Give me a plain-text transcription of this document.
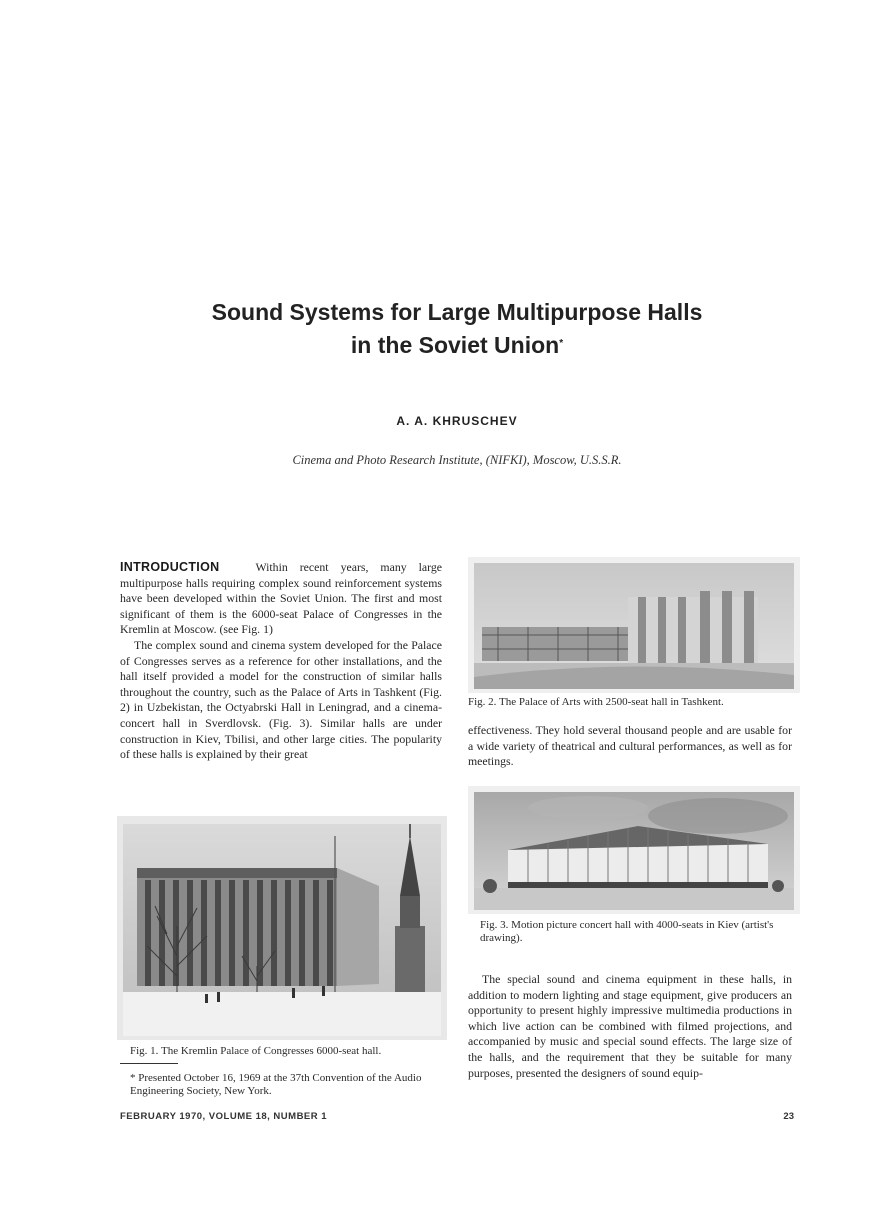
Sound Systems for Large Multipurpose Halls
in the Soviet Union*
A. A. KHRUSCHEV
Cinema and Photo Research Institute, (NIFKI), Moscow, U.S.S.R.

INTRODUCTION	Within recent years, many large multipurpose halls requiring complex sound reinforcement systems have been developed within the Soviet Union. The first and most significant of them is the 6000-seat Palace of Congresses in the Kremlin at Moscow. (see Fig. 1)

The complex sound and cinema system developed for the Palace of Congresses serves as a reference for other installations, and the hall itself provided a model for the construction of similar halls throughout the country, such as the Palace of Arts in Tashkent (Fig. 2) in Uzbekistan, the Octyabrski Hall in Leningrad, and a cinema-concert hall in Sverdlovsk. (Fig. 3). Similar halls are under construction in Kiev, Tbilisi, and other large cities. The popularity of these halls is explained by their great

Fig. 1. The Kremlin Palace of Congresses 6000-seat hall.
* Presented October 16, 1969 at the 37th Convention of the Audio Engineering Society, New York.
Fig. 2. The Palace of Arts with 2500-seat hall in Tashkent.

effectiveness. They hold several thousand people and are usable for a wide variety of theatrical and cultural performances, as well as for meetings.

Fig. 3. Motion picture concert hall with 4000-seats in Kiev (artist's drawing).

The special sound and cinema equipment in these halls, in addition to modern lighting and stage equipment, give producers an opportunity to present highly impressive multimedia productions in which live action can be combined with filmed projections, and accompanied by music and special sound effects. The large size of the halls, and the requirement that they be suitable for many purposes, presented the designers of sound equip-

FEBRUARY 1970, VOLUME 18, NUMBER 1	23
